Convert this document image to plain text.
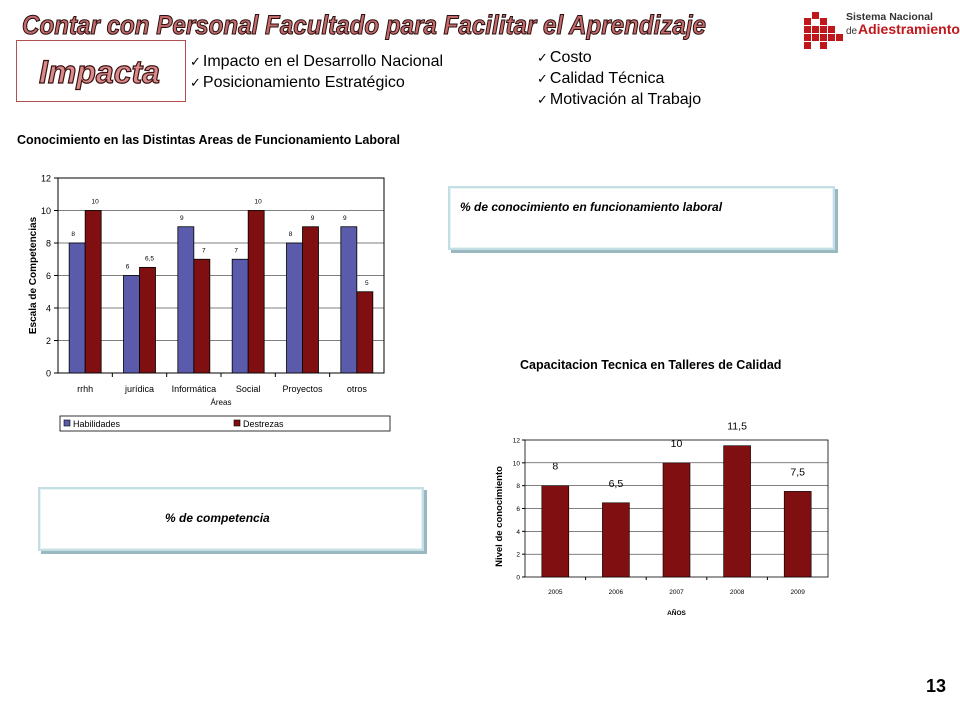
Contar con Personal Facultado para Facilitar el Aprendizaje	Sistema Nacional
de Adiestramiento
Impacta ✓ Impacto en el Desarrollo Nacional
✓ Posicionamiento Estratégico
✓ Costo
✓ Calidad Técnica
✓ Motivación al Trabajo
Conocimiento en las Distintas Areas de Funcionamiento Laboral
0
2
4
6
8
10
12
8
10
rrhh
6
6,5
jurídica
9
7
Informática
7
10
Social
8
9
Proyectos
9
5
otros
Áreas
Escala de Competencias
Habilidades	Destrezas
% de conocimiento en funcionamiento laboral
Capacitacion Tecnica en Talleres de Calidad
0
2
4
6
8
10
12
8
2005
6,5
2006
10
2007
11,5
2008
7,5
2009
AÑOS
Nivel de conocimiento
% de competencia
13
